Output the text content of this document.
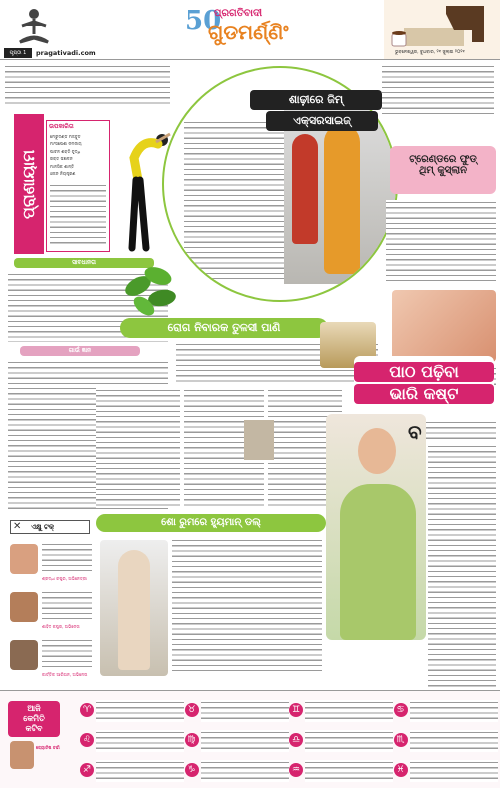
50
ପ୍ରଗତିବାଦୀ
ଗୁଡମର୍ଣ୍ଣିଂ
ପୃଷ୍ଠା 1	pragativadi.com	ଭୁବନେଶ୍ୱର, ବୁଧବାର, ୨୧ ଜୁଲାଇ ୨୦୨୧
ଶାଢ଼ୀରେ ଜିମ୍
ଏକ୍ସରସାଇଜ୍
ପ୍ରାଣାୟାମ
ଉପକାରିତା
ମେରୁଦଣ୍ଡ ମଜବୁତ
ମାଂସପେଶୀ ନମନୀୟ
ପାଚନ ଶକ୍ତି ବୃଦ୍ଧି
ରକ୍ତ ସଞ୍ଚାଳନ
ମାନସିକ ଶାନ୍ତି
ଓଜନ ନିୟନ୍ତ୍ରଣ
ସାବଧାନତା
ଗାଉଁ ଜ୍ଞାନ
ରୋଗ ନିବାରକ ତୁଳସୀ ପାଣି
ଟ୍ରେଣ୍ଡରେ ଫୁଡ୍
ଥିମ୍ କୁସ୍ଲାନ
ପାଠ ପଢ଼ିବା
ଭାରି କଷ୍ଟ
ବ
✕ ଏକ୍ଷୁ ଟକ୍
ଶ୍ରଦ୍ଧା କପୁର, ଅଭିନେତ୍ରୀ
ଶାହିଦ କପୁର, ଅଭିନେତା
କାର୍ତ୍ତିକ ଆରିଅନ, ଅଭିନେତା
ଶୋ ରୁମରେ ହ୍ୟୁମାନ୍ ଡଲ୍
ଆଜି
କେମିତି
କଟିବ
ଜ୍ୟୋତିଷ ଚର୍ଚ୍ଚା
♈	♉	♊	♋
♌	♍	♎	♏
♐	♑	♒	♓
